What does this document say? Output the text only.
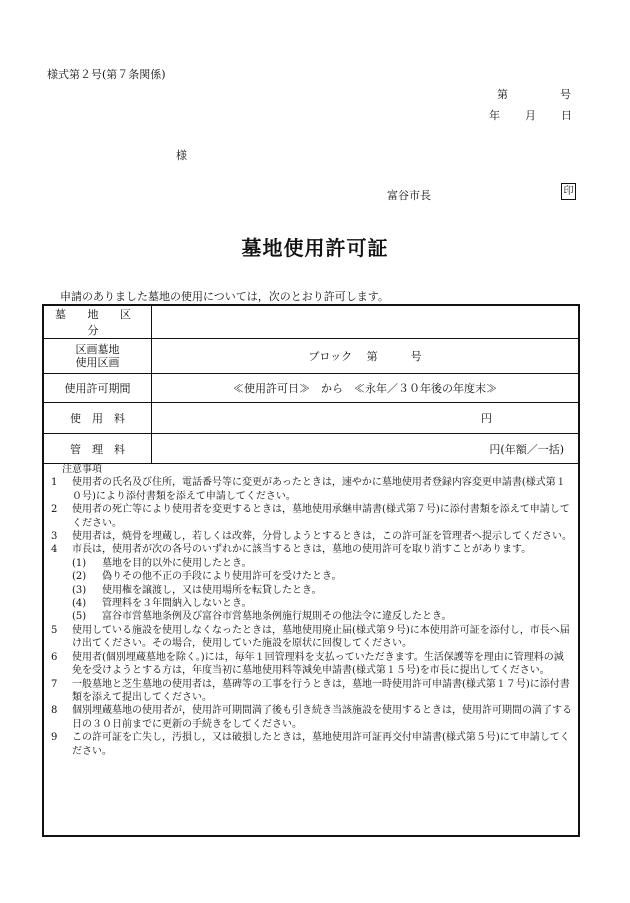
様式第２号(第７条関係)
第	号
年 月 日
様
富谷市長	印
墓地使用許可証
申請のありました墓地の使用については，次のとおり許可します。
墓 地 区 分	

区画墓地
使用区画	ブロック　 第　　　号
使用許可期間	≪使用許可日≫　から　≪永年／３０年後の年度末≫
使　用　料	円
管　理　料	円(年額／一括)
注意事項
1 使用者の氏名及び住所，電話番号等に変更があったときは，速やかに墓地使用者登録内容変更申請書(様式第１０号)により添付書類を添えて申請してください。
2 使用者の死亡等により使用者を変更するときは，墓地使用承継申請書(様式第７号)に添付書類を添えて申請してください。
3 使用者は，焼骨を埋蔵し，若しくは改葬，分骨しようとするときは，この許可証を管理者へ提示してください。
4 市長は，使用者が次の各号のいずれかに該当するときは，墓地の使用許可を取り消すことがあります。
(1) 墓地を目的以外に使用したとき。
(2) 偽りその他不正の手段により使用許可を受けたとき。
(3) 使用権を譲渡し，又は使用場所を転貸したとき。
(4) 管理料を３年間納入しないとき。
(5) 富谷市営墓地条例及び富谷市営墓地条例施行規則その他法令に違反したとき。
5 使用している施設を使用しなくなったときは，墓地使用廃止届(様式第９号)に本使用許可証を添付し，市長へ届け出てください。その場合，使用していた施設を原状に回復してください。
6 使用者(個別埋蔵墓地を除く。)には，毎年１回管理料を支払っていただきます。生活保護等を理由に管理料の減免を受けようとする方は，年度当初に墓地使用料等減免申請書(様式第１５号)を市長に提出してください。
7 一般墓地と芝生墓地の使用者は，墓碑等の工事を行うときは，墓地一時使用許可申請書(様式第１７号)に添付書類を添えて提出してください。
8 個別埋蔵墓地の使用者が，使用許可期間満了後も引き続き当該施設を使用するときは，使用許可期間の満了する日の３０日前までに更新の手続きをしてください。
9 この許可証を亡失し，汚損し，又は破損したときは，墓地使用許可証再交付申請書(様式第５号)にて申請してください。
